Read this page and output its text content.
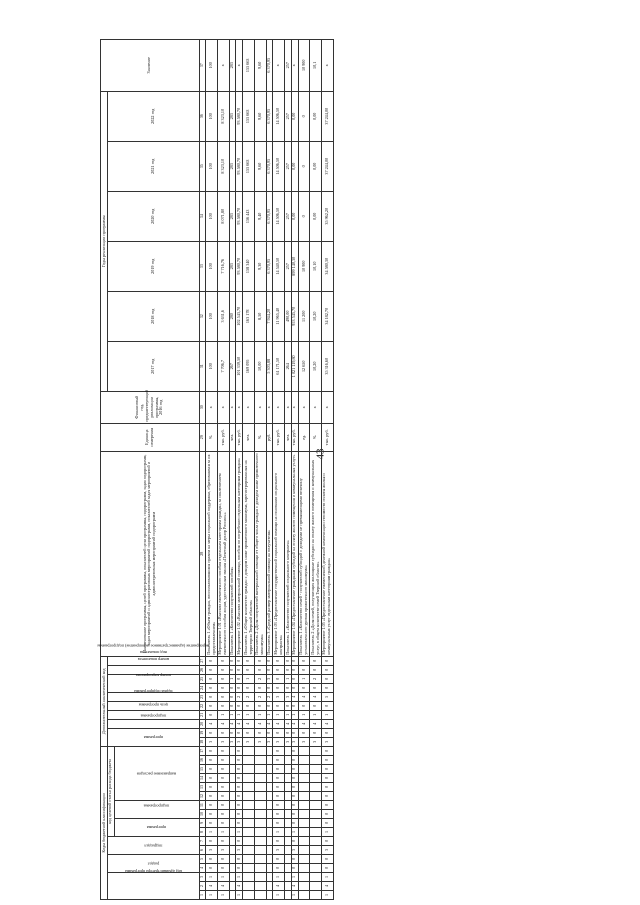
43
Коды бюджетной классификации																	Дополнительный аналитический код										Наименование программы, целей программы, показателей цели программы, подпрограмм, задач подпрограмм, задач мероприятий и административных мероприятий подпрограмм, показателей задач мероприятий и административных мероприятий подпрограмм	Единица измерения	Финансовый год, предшествующий реализации программы, 2016 год	Годы реализации программы						Значение
код администратора программы			раздел		подраздел		код целевой статьи расхода бюджета										программа		подпрограмма	цель программы	задача подпрограммы	мероприятие (административное мероприятие) подпрограммы	номер мероприятия		номер показателя	вид показателя				2017 год	2018 год	2019 год	2020 год	2021 год	2022 год	
							программа		подпрограмма		направление расходов																									
1	2	3	4	5	6	7	8	9	10	11	12	13	14	15	16	17	18	19	20	21	22	23	24	25	26	27	28	29	30	31	32	33	34	35	36	37
1	4	1	0	0	3	0	1	0	0	0	0	0	0	0	0	0	3	0	4	0	0	0	0	0	0	0	Показатель 1 «Объем граждан, воспользовавшихся правом на меры социальной поддержки, обратившихся за их предоставлением»	%	х	100	100	100	100	100	100	100
1	4	1	0	0	3	0	1	0	0	0	0	0	0	0	0	0	3	0	4	1	0	0	0	0	0	0	Мероприятие 1.01 «Выплата ежемесячного пособия отдельным категориям граждан, за исключением ежемесячного пособия лицам, удостоенным звания «Почетный донор России»»	тыс. руб.	х	7 706,7	3 631,6	7 716,76	8 071,80	8 323,10	8 323,10	х
																	3	0	4	1	0	0	0	1	0	0	Показатель 1 «Количество получателей пособия»	чел.	х	267	280	283	283	283	283	283
1	4	1	0	0	3	0	1	0	0	0	0	0	0	0	0	0	3	0	4	1	0	2	0	0	0	0	Мероприятие 1.02 «Выплата материальной помощи, пособия по погребению отдельным категориям граждан»	тыс. руб.	х	101 339,50	102 543,70	93 580,70	93 580,70	93 580,70	93 580,70	х
																	3	0	4	1	0	2	0	1	0	0	Показатель 1 «Общее количество граждан с доходом ниже прожиточного минимума, зарегистрированных на территории Тверской области»	чел.	х	169 095	163 178	158 340	156 443	155 663	155 663	155 663
																	3	0	4	1	0	2	0	2	0	0	Показатель 2 «Доля получателей материальной помощи от общего числа граждан с доходом ниже прожиточного минимума»	%	х	10,00	8,50	9,30	9,40	9,60	9,60	9,60
																	3	0	4	1	0	2	0	3	0	0	Показатель 3 «Средний размер материальной помощи на получателя»	руб.	х	5 303,88	7 944,20	6 370,95	6 370,95	6 370,95	6 370,95	6 370,95
1	4	1	0	0	3	0	1	0	0	0	0	0	0	0	0	0	3	0	4	1	0	3	0	0	0	0	Мероприятие 1.03 «Предоставление государственной социальной помощи на основании социального контракта»	тыс. руб.	х	61 171,50	11 965,40	14 540,50	14 506,50	14 506,50	14 506,50	х
																	3	0	4	1	0	3	0	1	0	0	Показатель 1 «Количество получателей социального контракта»	чел.	х	264	490,00	257	257	257	257	257
1	4	1	0	0	3	0	1	0	0	0	0	0	0	0	0	0	3	0	4	1	0	4	0	0	0	0	Мероприятие 1.04 «Предоставление гражданам субсидий на оплату жилого помещения и коммунальных услуг»	тыс. руб.	х	1 021 119,80	953 545,70	899 140,30	0,00	0,00	0,00	х
																	3	0	4	1	0	4	0	1	0	0	Показатель 1 «Количество семей - получателей субсидий с доходами не превышающими величину установленного уровня прожиточного минимума»	ед.	х	12 650	11 200	10 900	0	0	0	10 900
																	3	0	4	1	0	4	0	2	0	0	Показатель 2 «Доля семей, получающих жилищные субсидии на оплату жилого помещения и коммунальных услуг, в общем количестве семей Тверской области»	%	х	10,20	10,20	10,10	0,00	0,00	0,00	10,1
1	4	1	0	0	3	0	1	0	0	0	0	0	0	0	0	0	3	0	4	1	0	5	0	0	0	0	Мероприятие 1.05 «Предоставление ежемесячной денежной компенсации стоимости оплаты жилья и коммунальных услуг отдельным категориям граждан»	тыс. руб.	х	35 316,60	34 182,70	34 580,30	35 962,20	37 244,00	37 244,00	х
